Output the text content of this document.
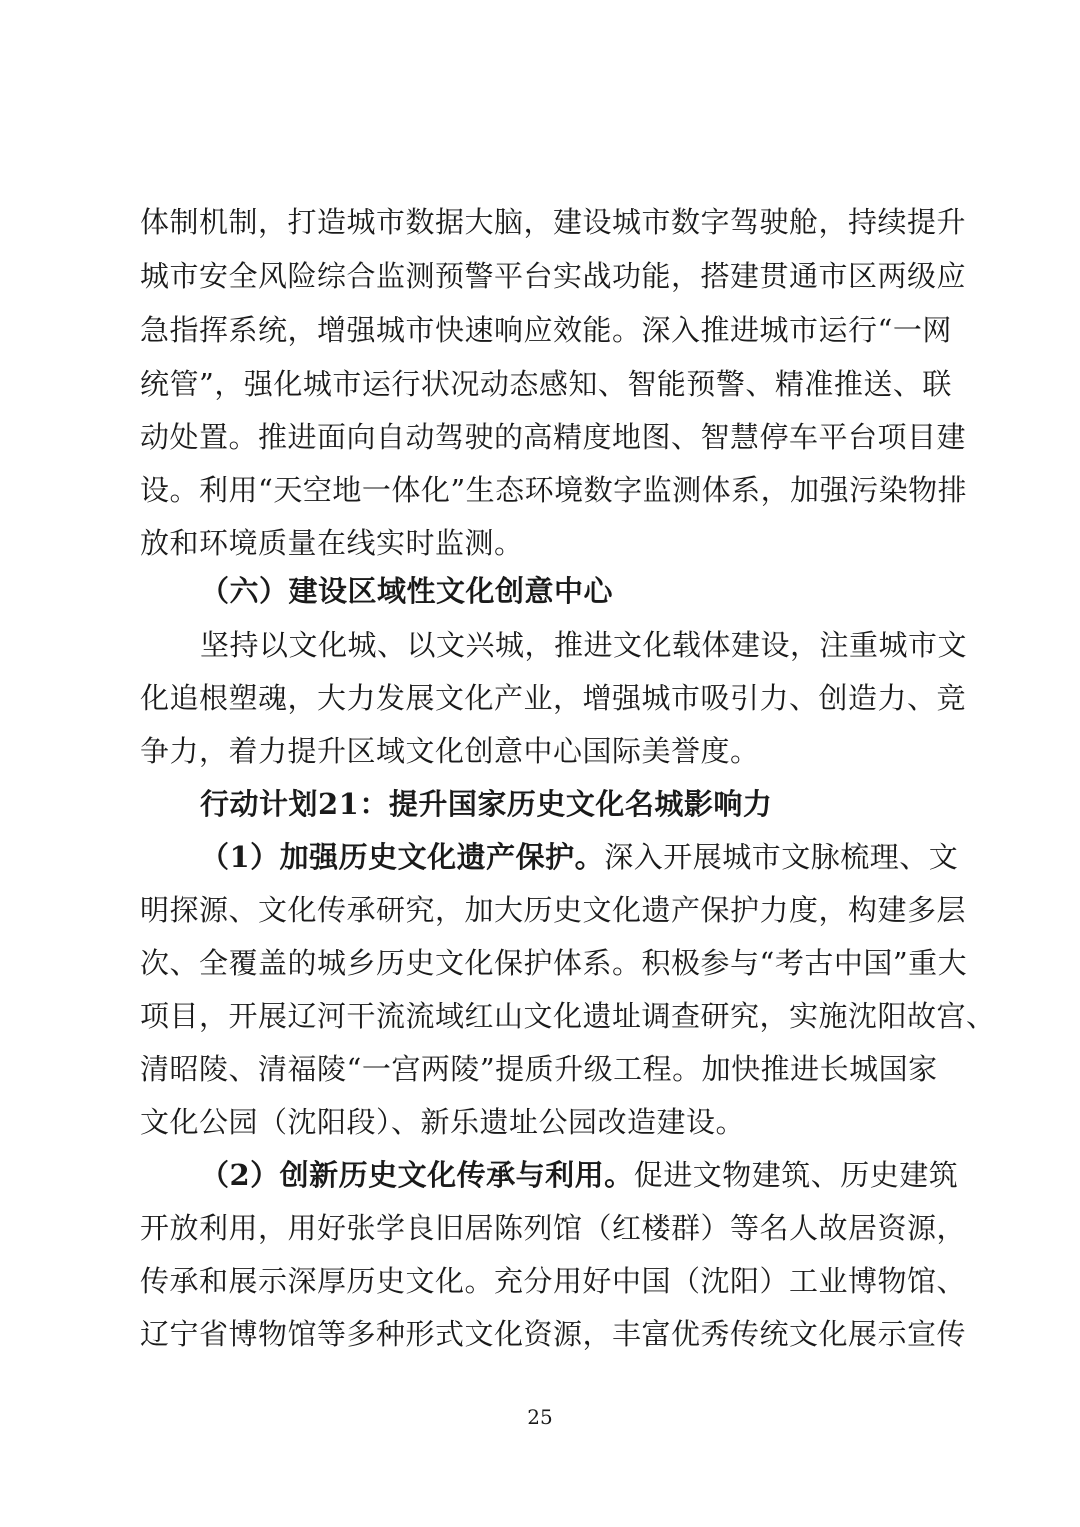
体制机制，打造城市数据大脑，建设城市数字驾驶舱，持续提升
城市安全风险综合监测预警平台实战功能，搭建贯通市区两级应
急指挥系统，增强城市快速响应效能。深入推进城市运行“一网
统管”，强化城市运行状况动态感知、智能预警、精准推送、联
动处置。推进面向自动驾驶的高精度地图、智慧停车平台项目建
设。利用“天空地一体化”生态环境数字监测体系，加强污染物排
放和环境质量在线实时监测。
（六）建设区域性文化创意中心
坚持以文化城、以文兴城，推进文化载体建设，注重城市文
化追根塑魂，大力发展文化产业，增强城市吸引力、创造力、竞
争力，着力提升区域文化创意中心国际美誉度。
行动计划21：提升国家历史文化名城影响力
（1）加强历史文化遗产保护。深入开展城市文脉梳理、文
明探源、文化传承研究，加大历史文化遗产保护力度，构建多层
次、全覆盖的城乡历史文化保护体系。积极参与“考古中国”重大
项目，开展辽河干流流域红山文化遗址调查研究，实施沈阳故宫、
清昭陵、清福陵“一宫两陵”提质升级工程。加快推进长城国家
文化公园（沈阳段）、新乐遗址公园改造建设。
（2）创新历史文化传承与利用。促进文物建筑、历史建筑
开放利用，用好张学良旧居陈列馆（红楼群）等名人故居资源，
传承和展示深厚历史文化。充分用好中国（沈阳）工业博物馆、
辽宁省博物馆等多种形式文化资源，丰富优秀传统文化展示宣传
25
